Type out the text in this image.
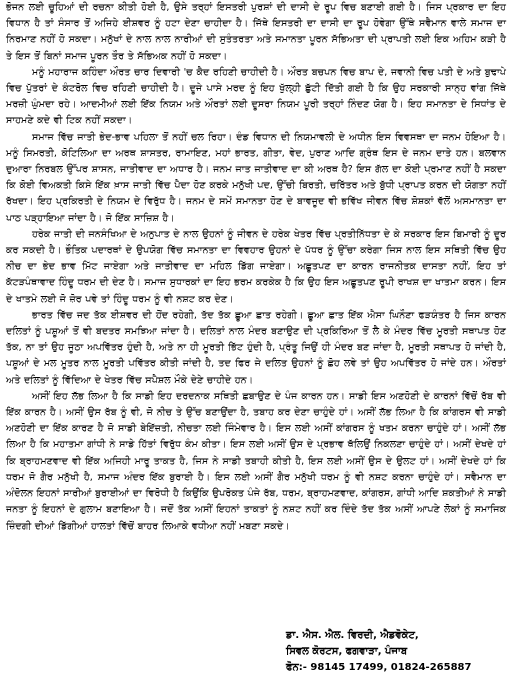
ਭੋਜਨ ਲਈ ਚੂਹਿਆਂ ਦੀ ਰਚਨਾ ਕੀਤੀ ਹੋਈ ਹੈ, ਉਸੇ ਤਰ੍ਹਾਂ ਇਸਤਰੀ ਪੁਰਸ਼ਾਂ ਦੀ ਦਾਸੀ ਦੇ ਰੂਪ ਵਿਚ ਬਣਾਈ ਗਈ ਹੈ। ਜਿਸ ਪ੍ਰਕਾਰ ਦਾ ਇਹ ਵਿਧਾਨ ਹੈ ਤਾਂ ਸੰਸਾਰ ਤੋਂ ਅਜਿਹੇ ਈਸ਼ਵਰ ਨੂੰ ਹਟਾ ਦੇਣਾ ਚਾਹੀਦਾ ਹੈ। ਜਿੱਥੇ ਇਸਤਰੀ ਦਾ ਦਾਸੀ ਦਾ ਰੂਪ ਹੋਵੇਗਾ ਉੱਥੇ ਸਵੈਮਾਨ ਵਾਲੇ ਸਮਾਜ ਦਾ ਨਿਰਮਾਣ ਨਹੀਂ ਹੋ ਸਕਦਾ। ਮਨੁੱਖਾਂ ਦੇ ਨਾਲ ਨਾਲ ਨਾਰੀਆਂ ਦੀ ਸੁਤੰਤਰਤਾ ਅਤੇ ਸਮਾਨਤਾ ਪੂਰਨ ਸੱਭਿਅਤਾ ਦੀ ਪ੍ਰਾਪਤੀ ਲਈ ਇਕ ਅਹਿਮ ਕੜੀ ਹੈ ਤੇ ਇਸ ਤੋਂ ਬਿਨਾਂ ਸਮਾਜ ਪੂਰਨ ਤੌਰ ਤੇ ਸੱਭਿਅਕ ਨਹੀਂ ਹੋ ਸਕਦਾ।

ਮਨੂੰ ਮਹਾਰਾਜ ਕਹਿੰਦਾ ਔਰਤ ਚਾਰ ਦਿਵਾਰੀ 'ਚ ਕੈਦ ਰਹਿਣੀ ਚਾਹੀਦੀ ਹੈ। ਔਰਤ ਬਚਪਨ ਵਿਚ ਬਾਪ ਦੇ, ਜਵਾਨੀ ਵਿਚ ਪਤੀ ਦੇ ਅਤੇ ਬੁਢਾਪੇ ਵਿਚ ਪੁੱਤਰਾਂ ਦੇ ਕੰਟਰੋਲ ਵਿਚ ਰਹਿਣੀ ਚਾਹੀਦੀ ਹੈ। ਦੂਜੇ ਪਾਸੇ ਮਰਦ ਨੂੰ ਇਹ ਖੁੱਲ੍ਹੀ ਛੁੱਟੀ ਦਿੱਤੀ ਗਈ ਹੈ ਕਿ ਉਹ ਸਰਕਾਰੀ ਸਾਨ੍ਹ ਵਾਂਗ ਜਿੱਥੇ ਮਰਜ਼ੀ ਘੁੰਮਦਾ ਰਹੇ। ਆਦਮੀਆਂ ਲਈ ਇੱਕ ਨਿਯਮ ਅਤੇ ਔਰਤਾਂ ਲਈ ਦੂਸਰਾ ਨਿਯਮ ਪੂਰੀ ਤਰ੍ਹਾਂ ਨਿੰਦਣ ਯੋਗ ਹੈ। ਇਹ ਸਮਾਨਤਾ ਦੇ ਸਿਧਾਂਤ ਦੇ ਸਾਹਮਣੇ ਕਦੇ ਵੀ ਟਿਕ ਨਹੀਂ ਸਕਦਾ।

ਸਮਾਜ ਵਿੱਚ ਜਾਤੀ ਭੇਦ-ਭਾਵ ਪਹਿਲਾ ਤੋਂ ਨਹੀਂ ਚਲ ਰਿਹਾ। ਦੰਡ ਵਿਧਾਨ ਦੀ ਨਿਯਮਾਵਲੀ ਦੇ ਅਧੀਨ ਇਸ ਵਿਵਸਥਾ ਦਾ ਜਨਮ ਹੋਇਆ ਹੈ। ਮਨੂੰ ਸਿਮਰਤੀ, ਕੋਟਿਲਿਆ ਦਾ ਅਰਥ ਸ਼ਾਸਤਰ, ਰਾਮਾਇਣ, ਮਹਾਂ ਭਾਰਤ, ਗੀਤਾ, ਵੇਦ, ਪੁਰਾਣ ਆਦਿ ਗ੍ਰੰਥ ਇਸ ਦੇ ਜਨਮ ਦਾਤੇ ਹਨ। ਬਲਵਾਨ ਦੁਆਰਾ ਨਿਰਬਲ ਉੱਪਰ ਸ਼ਾਸਨ, ਜਾਤੀਵਾਦ ਦਾ ਅਧਾਰ ਹੈ। ਜਨਮ ਜਾਤ ਜਾਤੀਵਾਦ ਦਾ ਕੀ ਅਰਥ ਹੈ? ਇਸ ਗੱਲ ਦਾ ਕੋਈ ਪ੍ਰਮਾਣ ਨਹੀਂ ਹੈ ਸਕਦਾ ਕਿ ਕੋਈ ਵਿਅਕਤੀ ਕਿਸੇ ਇੱਕ ਖ਼ਾਸ ਜਾਤੀ ਵਿੱਚ ਪੈਦਾ ਹੋਣ ਕਰਕੇ ਮਨੁੱਖੀ ਪਦ, ਉੱਚੀ ਬਿਰਤੀ, ਚਰਿੱਤਰ ਅਤੇ ਬੁੱਧੀ ਪ੍ਰਾਪਤ ਕਰਨ ਦੀ ਯੋਗਤਾ ਨਹੀਂ ਰੱਖਦਾ। ਇਹ ਪ੍ਰਕਿਰਤੀ ਦੇ ਨਿਯਮ ਦੇ ਵਿਰੁੱਧ ਹੈ। ਜਨਮ ਦੇ ਸਮੇਂ ਸਮਾਨਤਾ ਹੋਣ ਦੇ ਬਾਵਜੂਦ ਵੀ ਭਵਿੱਖ ਜੀਵਨ ਵਿੱਚ ਸ਼ੋਸ਼ਕਾਂ ਵੱਲੋਂ ਅਸਮਾਨਤਾ ਦਾ ਪਾਠ ਪੜ੍ਹਾਇਆ ਜਾਂਦਾ ਹੈ। ਜੋ ਇੱਕ ਸਾਜ਼ਿਸ਼ ਹੈ।

ਹਰੇਕ ਜਾਤੀ ਦੀ ਜਨਸੰਖਿਆ ਦੇ ਅਨੁਪਾਤ ਦੇ ਨਾਲ ਉਹਨਾਂ ਨੂੰ ਜੀਵਨ ਦੇ ਹਰੇਕ ਖੇਤਰ ਵਿੱਚ ਪ੍ਰਤੀਨਿੱਧਤਾ ਦੇ ਕੇ ਸਰਕਾਰ ਇਸ ਬਿਮਾਰੀ ਨੂੰ ਦੂਰ ਕਰ ਸਕਦੀ ਹੈ। ਭੌਤਿਕ ਪਦਾਰਥਾਂ ਦੇ ਉਪਯੋਗ ਵਿੱਚ ਸਮਾਨਤਾ ਦਾ ਵਿਵਹਾਰ ਉਹਨਾਂ ਦੇ ਪੱਧਰ ਨੂੰ ਉੱਚਾ ਕਰੇਗਾ ਜਿਸ ਨਾਲ ਇਸ ਸਥਿਤੀ ਵਿੱਚ ਉਹ ਨੀਚ ਦਾ ਭੇਦ ਭਾਵ ਮਿੱਟ ਜਾਏਗਾ ਅਤੇ ਜਾਤੀਵਾਦ ਦਾ ਮਹਿਲ ਡਿੱਗ ਜਾਏਗਾ। ਅਛੂਤਪਣ ਦਾ ਕਾਰਨ ਰਾਜਨੀਤਕ ਦਾਸਤਾ ਨਹੀਂ, ਇਹ ਤਾਂ ਕੱਟੜਪੰਥਾਵਾਦ ਹਿੰਦੂ ਧਰਮ ਦੀ ਦੇਣ ਹੈ। ਸਮਾਜ ਸੁਧਾਰਕਾਂ ਦਾ ਇਹ ਭਰਮ ਕਰਕੇਕ ਹੈ ਕਿ ਉਹ ਇਸ ਅਛੂਤਪਣ ਰੂਪੀ ਰਾਖਸ਼ ਦਾ ਖਾਤਮਾ ਕਰਨ। ਇਸ ਦੇ ਖਾਤਮੇ ਲਈ ਜੋ ਜ਼ੋਰ ਪਵੇ ਤਾਂ ਹਿੰਦੂ ਧਰਮ ਨੂੰ ਵੀ ਨਸ਼ਟ ਕਰ ਦੇਣ।

ਭਾਰਤ ਵਿੱਚ ਜਦ ਤੱਕ ਈਸ਼ਵਰ ਦੀ ਹੋਂਦ ਰਹੇਗੀ, ਤੱਦ ਤੱਕ ਛੂਆ ਛਾਤ ਰਹੇਗੀ। ਛੂਆ ਛਾਤ ਇੱਕ ਐਸਾ ਘਿਨੌਣਾ ਫੜਯੰਤਰ ਹੈ ਜਿਸ ਕਾਰਨ ਦਲਿਤਾਂ ਨੂੰ ਪਸ਼ੂਆਂ ਤੋਂ ਵੀ ਬਦਤਰ ਸਮਝਿਆ ਜਾਂਦਾ ਹੈ। ਦਲਿਤਾਂ ਨਾਲ ਮੰਦਰ ਬਣਾਉਣ ਦੀ ਪ੍ਰਕਿਰਿਆ ਤੋਂ ਲੈ ਕੇ ਮੰਦਰ ਵਿੱਚ ਮੂਰਤੀ ਸਥਾਪਤ ਹੋਣ ਤੱਕ, ਨਾ ਤਾਂ ਉਹ ਜੂਠਾ ਅਪਵਿੱਤਰ ਹੁੰਦੀ ਹੈ, ਅਤੇ ਨਾ ਹੀ ਮੂਰਤੀ ਭਿੱਟ ਹੁੰਦੀ ਹੈ, ਪ੍ਰੰਤੂ ਜਿਉਂ ਹੀ ਮੰਦਰ ਬਣ ਜਾਂਦਾ ਹੈ, ਮੂਰਤੀ ਸਥਾਪਤ ਹੋ ਜਾਂਦੀ ਹੈ, ਪਸ਼ੂਆਂ ਦੇ ਮਲ ਮੂਤਰ ਨਾਲ ਮੂਰਤੀ ਪਵਿੱਤਰ ਕੀਤੀ ਜਾਂਦੀ ਹੈ, ਤਦ ਫਿਰ ਜੇ ਦਲਿਤ ਉਹਨਾਂ ਨੂੰ ਛੋਹ ਲਵੇ ਤਾਂ ਉਹ ਅਪਵਿੱਤਰ ਹੋ ਜਾਂਦੇ ਹਨ। ਔਰਤਾਂ ਅਤੇ ਦਲਿਤਾਂ ਨੂੰ ਵਿੱਦਿਆ ਦੇ ਖੇਤਰ ਵਿੱਚ ਸਪੈਸ਼ਲ ਮੌਕੇ ਦੇਣੇ ਚਾਹੀਦੇ ਹਨ।

ਅਸੀਂ ਇਹ ਲੱਭ ਲਿਆ ਹੈ ਕਿ ਸਾਡੀ ਇਹ ਦਰਦਨਾਕ ਸਥਿਤੀ ਛਬਾਉਣ ਦੇ ਪੰਜ ਕਾਰਨ ਹਨ। ਸਾਡੀ ਇਸ ਅਣਹੋਣੀ ਦੇ ਕਾਰਨਾਂ ਵਿੱਚੋਂ ਰੱਬ ਵੀ ਇੱਕ ਕਾਰਨ ਹੈ। ਅਸੀਂ ਉਸ ਰੱਬ ਨੂੰ ਵੀ, ਜੋ ਨੀਚ ਤੇ ਉੱਚ ਬਣਾਉਂਦਾ ਹੈ, ਤਬਾਹ ਕਰ ਦੇਣਾ ਚਾਹੁੰਦੇ ਹਾਂ। ਅਸੀਂ ਲੱਭ ਲਿਆ ਹੈ ਕਿ ਕਾਂਗਰਸ ਵੀ ਸਾਡੀ ਅਣਹੋਣੀ ਦਾ ਇੱਕ ਕਾਰਣ ਹੈ ਜੋ ਸਾਡੀ ਬੇਇੱਜ਼ਤੀ, ਨੀਚਤਾ ਲਈ ਜਿੰਮੇਵਾਰ ਹੈ। ਇਸ ਲਈ ਅਸੀਂ ਕਾਂਗਰਸ ਨੂੰ ਖਤਮ ਕਰਨਾ ਚਾਹੁੰਦੇ ਹਾਂ। ਅਸੀਂ ਲੱਭ ਲਿਆ ਹੈ ਕਿ ਮਹਾਤਮਾ ਗਾਂਧੀ ਨੇ ਸਾਡੇ ਹਿੱਤਾਂ ਵਿਰੁੱਧ ਕੰਮ ਕੀਤਾ। ਇਸ ਲਈ ਅਸੀਂ ਉਸ ਦੇ ਪ੍ਰਭਾਵ ਥੱਲਿਉਂ ਨਿਕਲਣਾ ਚਾਹੁੰਦੇ ਹਾਂ। ਅਸੀਂ ਦੇਖਦੇ ਹਾਂ ਕਿ ਬ੍ਰਾਹਮਣਵਾਦ ਵੀ ਇੱਕ ਅਜਿਹੀ ਮਾਰੂ ਤਾਕਤ ਹੈ, ਜਿਸ ਨੇ ਸਾਡੀ ਤਬਾਹੀ ਕੀਤੀ ਹੈ, ਇਸ ਲਈ ਅਸੀਂ ਉਸ ਦੇ ਉਲਟ ਹਾਂ। ਅਸੀਂ ਦੇਖਦੇ ਹਾਂ ਕਿ ਧਰਮ ਜੋ ਗੈਰ ਮਨੁੱਖੀ ਹੈ, ਸਮਾਜ ਅੰਦਰ ਇੱਕ ਬੁਰਾਈ ਹੈ। ਇਸ ਲਈ ਅਸੀਂ ਗੈਰ ਮਨੁੱਖੀ ਧਰਮ ਨੂੰ ਵੀ ਨਸ਼ਟ ਕਰਨਾ ਚਾਹੁੰਦੇ ਹਾਂ। ਸਵੈਮਾਨ ਦਾ ਅੰਦੋਲਨ ਇਹਨਾਂ ਸਾਰੀਆਂ ਬੁਰਾਈਆਂ ਦਾ ਵਿਰੋਧੀ ਹੈ ਕਿਉਂਕਿ ਉਪਰੋਕਤ ਪੰਜੇ ਰੱਬ, ਧਰਮ, ਬ੍ਰਾਹਮਣਵਾਦ, ਕਾਂਗਰਸ, ਗਾਂਧੀ ਆਦਿ ਸ਼ਕਤੀਆਂ ਨੇ ਸਾਡੀ ਜਨਤਾ ਨੂੰ ਇਹਨਾਂ ਦੇ ਗੁਲਾਮ ਬਣਾਇਆ ਹੈ। ਜਦੋਂ ਤੱਕ ਅਸੀਂ ਇਹਨਾਂ ਤਾਕਤਾਂ ਨੂੰ ਨਸ਼ਟ ਨਹੀਂ ਕਰ ਦਿੰਦੇ ਤੱਦ ਤੱਕ ਅਸੀਂ ਆਪਣੇ ਲੋਕਾਂ ਨੂੰ ਸਮਾਜਿਕ ਜ਼ਿੰਦਗੀ ਦੀਆਂ ਡਿੱਗੀਆਂ ਹਾਲਤਾਂ ਵਿੱਚੋਂ ਬਾਹਰ ਲਿਆਕੇ ਵਧੀਆ ਨਹੀਂ ਮਬਣਾ ਸਕਦੇ।

ਡਾ. ਐਸ. ਐਲ. ਵਿਰਦੀ, ਐਡਵੋਕੇਟ,
ਸਿਵਲ ਕੋਰਟਸ, ਫਗਵਾੜਾ, ਪੰਜਾਬ
ਫੋਨ:- 98145 17499, 01824-265887
